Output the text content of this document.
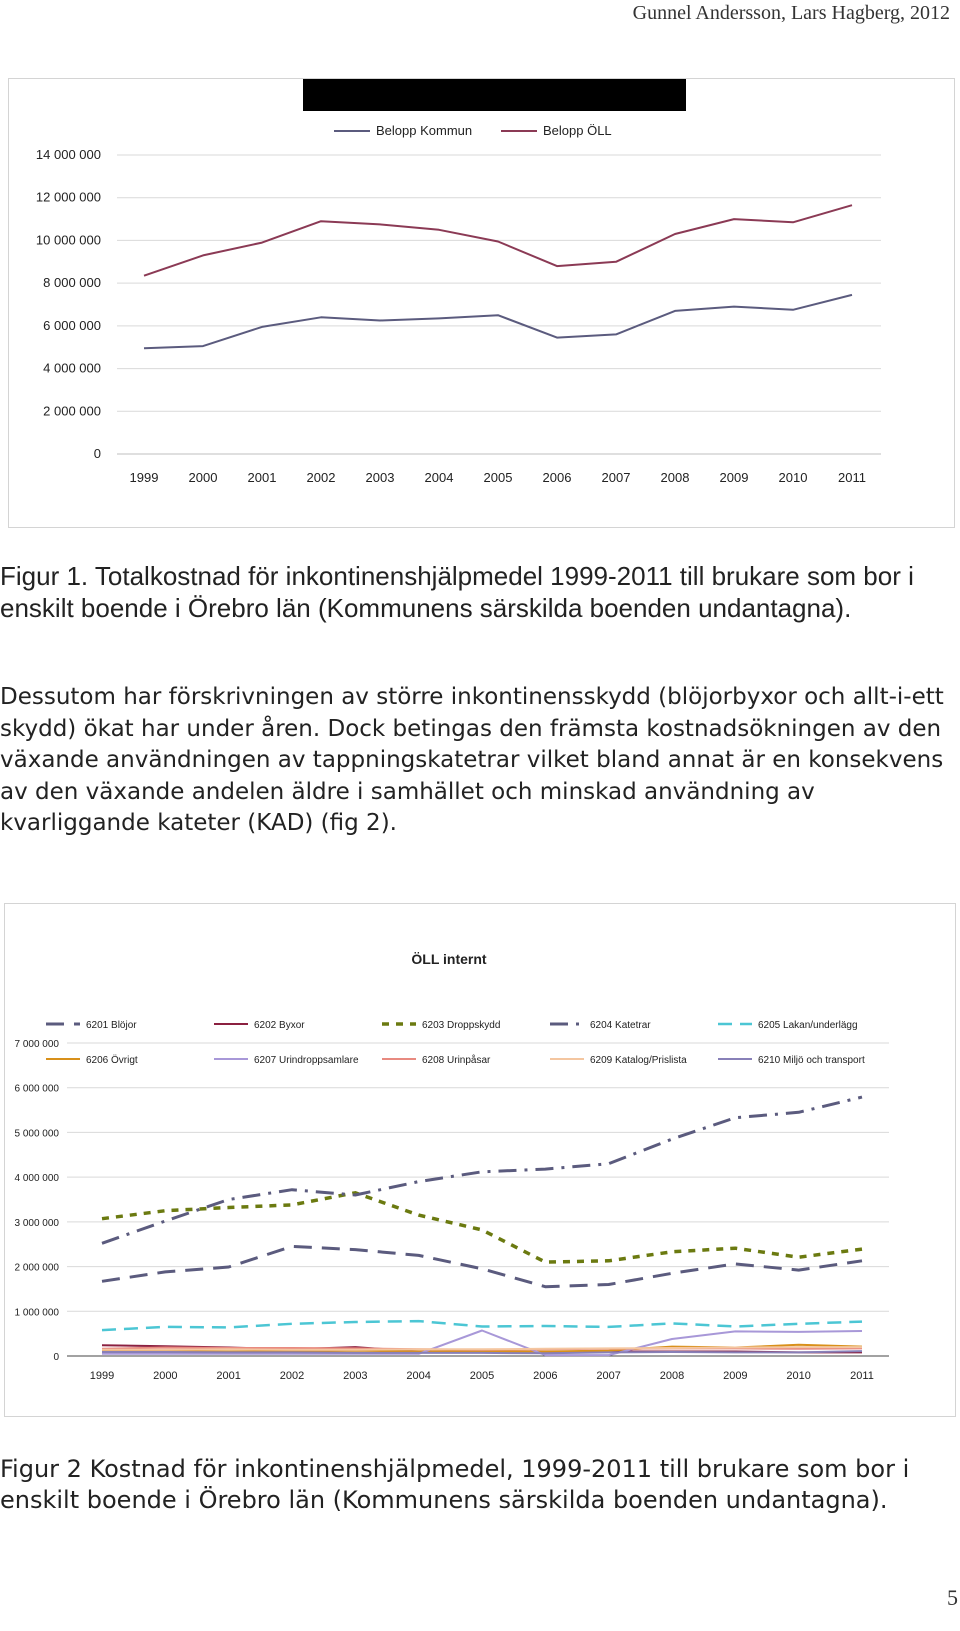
Gunnel Andersson, Lars Hagberg, 2012
0
2 000 000
4 000 000
6 000 000
8 000 000
10 000 000
12 000 000
14 000 000
1999 2000 2001 2002 2003 2004 2005 2006 2007 2008 2009 2010 2011
Belopp Kommun	Belopp ÖLL
Figur 1. Totalkostnad för inkontinenshjälpmedel 1999-2011 till brukare som bor i enskilt boende i Örebro län (Kommunens särskilda boenden undantagna).
Dessutom har förskrivningen av större inkontinensskydd (blöjorbyxor och allt-i-ett skydd) ökat har under åren. Dock betingas den främsta kostnadsökningen av den växande användningen av tappningskatetrar vilket bland annat är en konsekvens av den växande andelen äldre i samhället och minskad användning av kvarliggande kateter (KAD) (fig 2).
ÖLL internt
0
1 000 000
2 000 000
3 000 000
4 000 000
5 000 000
6 000 000
7 000 000
1999	2000	2001	2002	2003	2004	2005	2006	2007	2008	2009	2010	2011
6201 Blöjor	6202 Byxor	6203 Droppskydd	6204 Katetrar	6205 Lakan/underlägg
6206 Övrigt	6207 Urindroppsamlare	6208 Urinpåsar	6209 Katalog/Prislista	6210 Miljö och transport
Figur 2 Kostnad för inkontinenshjälpmedel, 1999-2011 till brukare som bor i enskilt boende i Örebro län (Kommunens särskilda boenden undantagna).
5
